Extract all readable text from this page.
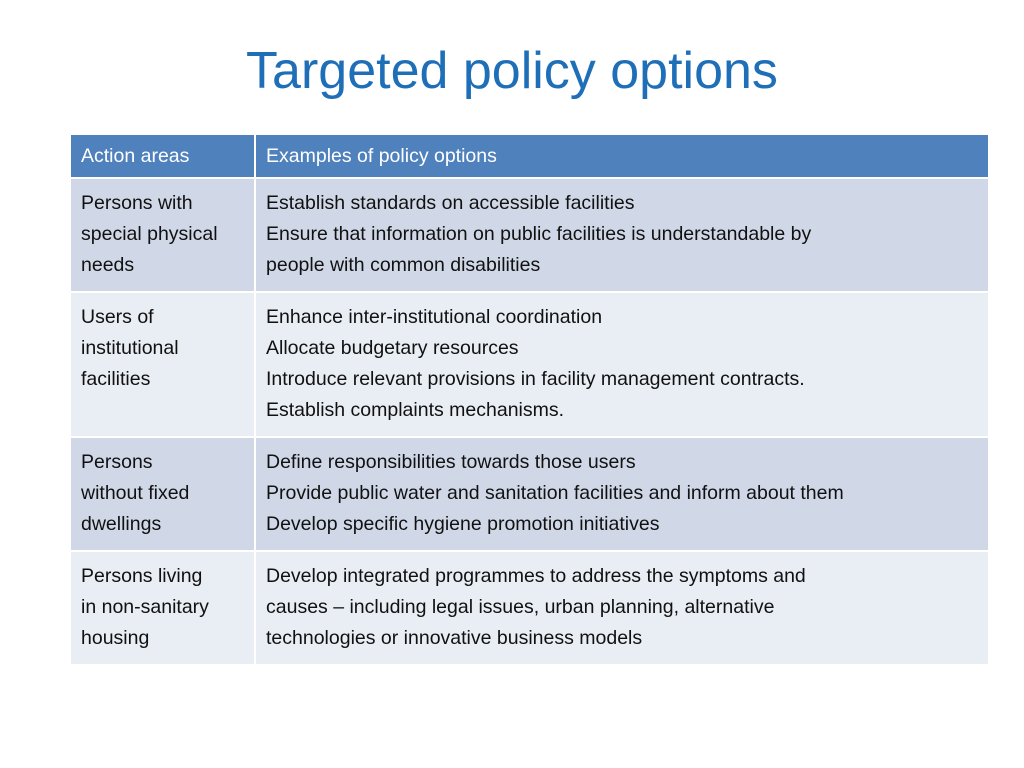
Targeted policy options
Action areas	Examples of policy options

Persons with
special physical
needs	Establish standards on accessible facilities
Ensure that information on public facilities is understandable by
people with common disabilities

Users of
institutional
facilities	Enhance inter-institutional coordination
Allocate budgetary resources
Introduce relevant provisions in facility management contracts.
Establish complaints mechanisms.

Persons
without fixed
dwellings	Define responsibilities towards those users
Provide public water and sanitation facilities and inform about them
Develop specific hygiene promotion initiatives

Persons living
in non-sanitary
housing	Develop integrated programmes to address the symptoms and
causes – including legal issues, urban planning, alternative
technologies or innovative business models
